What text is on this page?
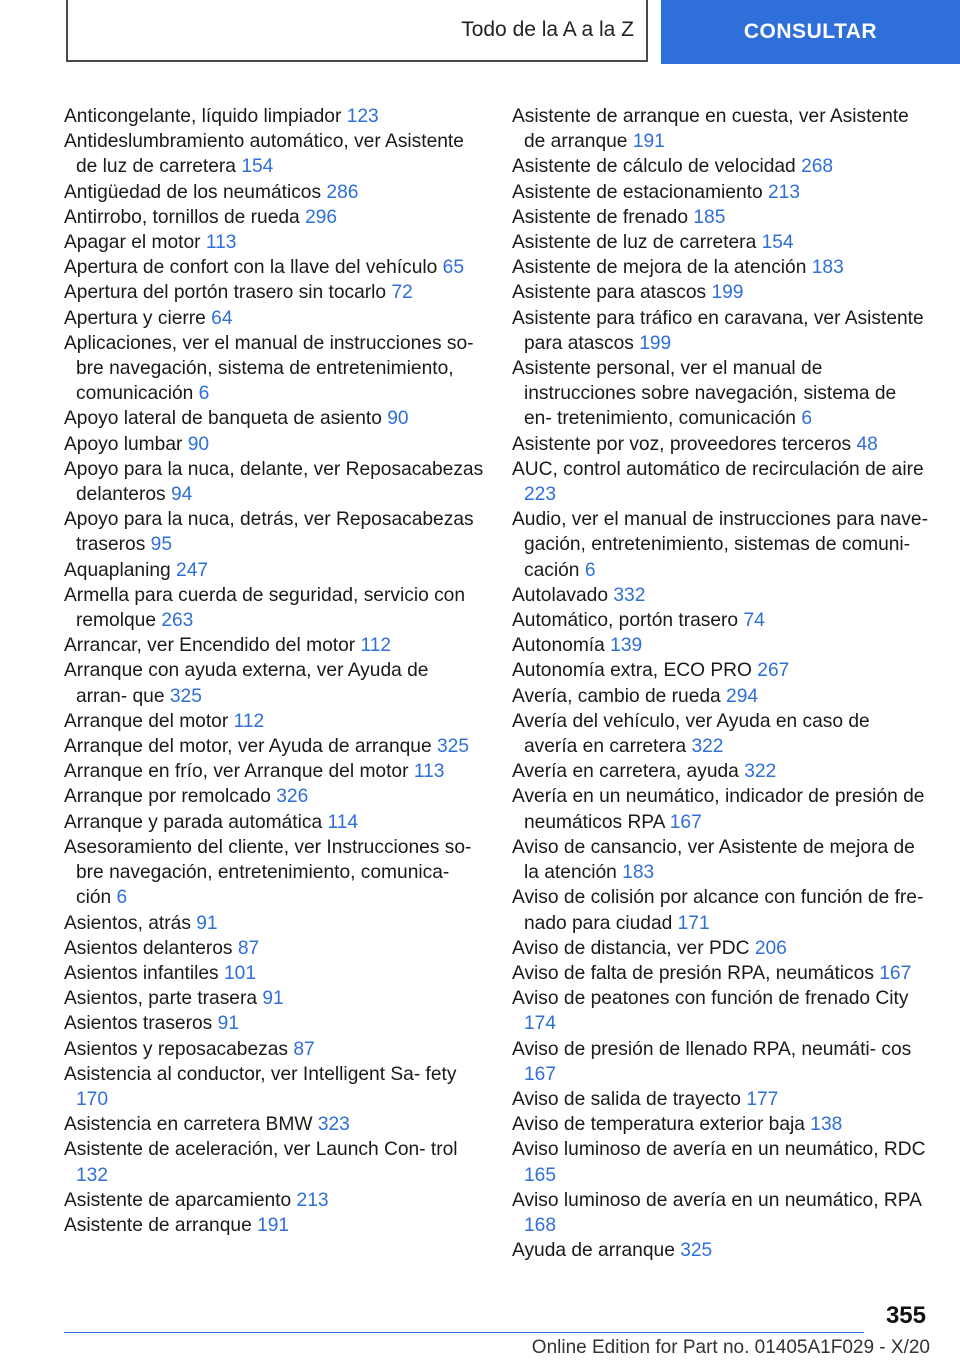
Todo de la A a la Z	CONSULTAR
Anticongelante, líquido limpiador 123
Antideslumbramiento automático, ver Asistente de luz de carretera 154
Antigüedad de los neumáticos 286
Antirrobo, tornillos de rueda 296
Apagar el motor 113
Apertura de confort con la llave del vehículo 65
Apertura del portón trasero sin tocarlo 72
Apertura y cierre 64
Aplicaciones, ver el manual de instrucciones so‐ bre navegación, sistema de entretenimiento, comunicación 6
Apoyo lateral de banqueta de asiento 90
Apoyo lumbar 90
Apoyo para la nuca, delante, ver Reposacabezas delanteros 94
Apoyo para la nuca, detrás, ver Reposacabezas traseros 95
Aquaplaning 247
Armella para cuerda de seguridad, servicio con remolque 263
Arrancar, ver Encendido del motor 112
Arranque con ayuda externa, ver Ayuda de arran‐ que 325
Arranque del motor 112
Arranque del motor, ver Ayuda de arranque 325
Arranque en frío, ver Arranque del motor 113
Arranque por remolcado 326
Arranque y parada automática 114
Asesoramiento del cliente, ver Instrucciones so‐ bre navegación, entretenimiento, comunica‐ ción 6
Asientos, atrás 91
Asientos delanteros 87
Asientos infantiles 101
Asientos, parte trasera 91
Asientos traseros 91
Asientos y reposacabezas 87
Asistencia al conductor, ver Intelligent Sa‐ fety 170
Asistencia en carretera BMW 323
Asistente de aceleración, ver Launch Con‐ trol 132
Asistente de aparcamiento 213
Asistente de arranque 191
Asistente de arranque en cuesta, ver Asistente de arranque 191
Asistente de cálculo de velocidad 268
Asistente de estacionamiento 213
Asistente de frenado 185
Asistente de luz de carretera 154
Asistente de mejora de la atención 183
Asistente para atascos 199
Asistente para tráfico en caravana, ver Asistente para atascos 199
Asistente personal, ver el manual de instrucciones sobre navegación, sistema de en‐ tretenimiento, comunicación 6
Asistente por voz, proveedores terceros 48
AUC, control automático de recirculación de aire 223
Audio, ver el manual de instrucciones para nave‐ gación, entretenimiento, sistemas de comuni‐ cación 6
Autolavado 332
Automático, portón trasero 74
Autonomía 139
Autonomía extra, ECO PRO 267
Avería, cambio de rueda 294
Avería del vehículo, ver Ayuda en caso de avería en carretera 322
Avería en carretera, ayuda 322
Avería en un neumático, indicador de presión de neumáticos RPA 167
Aviso de cansancio, ver Asistente de mejora de la atención 183
Aviso de colisión por alcance con función de fre‐ nado para ciudad 171
Aviso de distancia, ver PDC 206
Aviso de falta de presión RPA, neumáticos 167
Aviso de peatones con función de frenado City 174
Aviso de presión de llenado RPA, neumáti‐ cos 167
Aviso de salida de trayecto 177
Aviso de temperatura exterior baja 138
Aviso luminoso de avería en un neumático, RDC 165
Aviso luminoso de avería en un neumático, RPA 168
Ayuda de arranque 325
355
Online Edition for Part no. 01405A1F029 - X/20
